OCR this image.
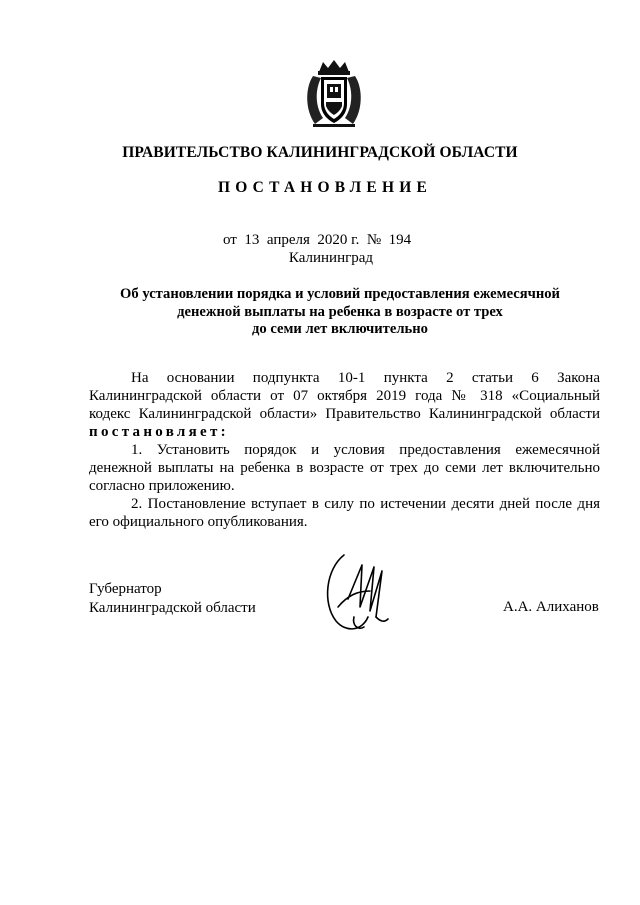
ПРАВИТЕЛЬСТВО КАЛИНИНГРАДСКОЙ ОБЛАСТИ
ПОСТАНОВЛЕНИЕ
от 13 апреля 2020 г. № 194
Калининград
Об установлении порядка и условий предоставления ежемесячной
денежной выплаты на ребенка в возрасте от трех
до семи лет включительно
На основании подпункта 10-1 пункта 2 статьи 6 Закона
Калининградской области от 07 октября 2019 года № 318 «Социальный
кодекс Калининградской области» Правительство Калининградской области
постановляет:
1. Установить порядок и условия предоставления ежемесячной
денежной выплаты на ребенка в возрасте от трех до семи лет включительно
согласно приложению.
2. Постановление вступает в силу по истечении десяти дней после дня
его официального опубликования.
Губернатор
Калининградской области	А.А. Алиханов
